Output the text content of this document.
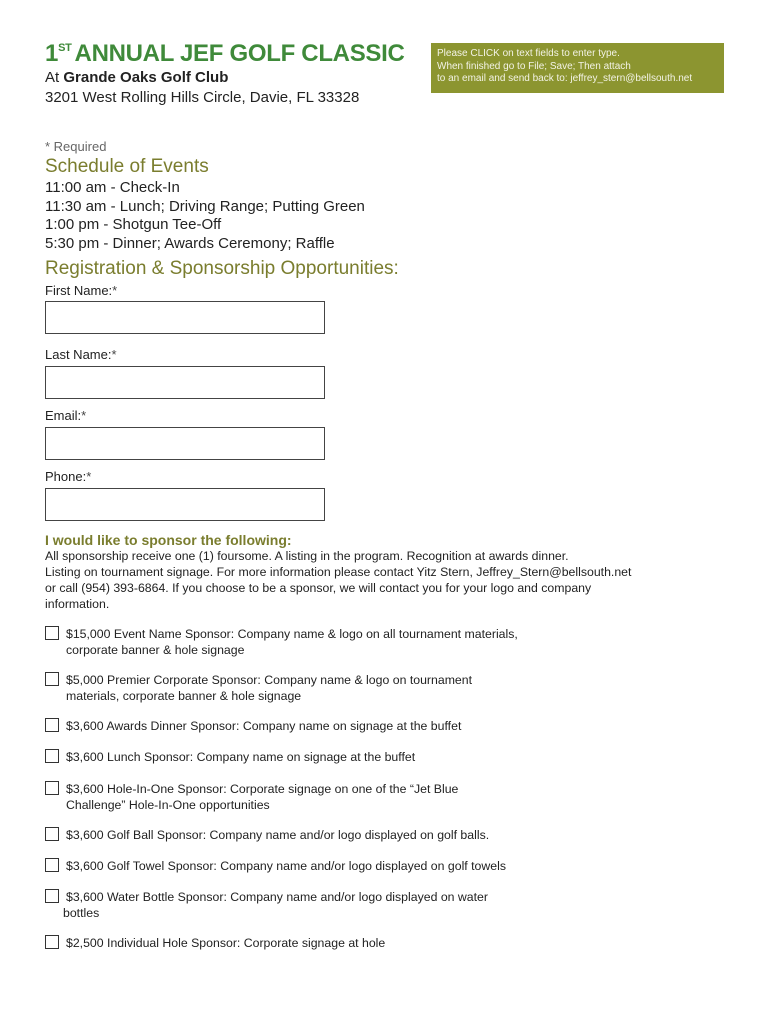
1ST ANNUAL JEF GOLF CLASSIC
At Grande Oaks Golf Club
3201 West Rolling Hills Circle, Davie, FL 33328
Please CLICK on text fields to enter type.
When finished go to File; Save; Then attach
to an email and send back to: jeffrey_stern@bellsouth.net
* Required
Schedule of Events
11:00 am - Check-In
11:30 am - Lunch; Driving Range; Putting Green
1:00 pm - Shotgun Tee-Off
5:30 pm - Dinner; Awards Ceremony; Raffle
Registration & Sponsorship Opportunities:
First Name:*
Last Name:*
Email:*
Phone:*
I would like to sponsor the following:
All sponsorship receive one (1) foursome. A listing in the program. Recognition at awards dinner.
Listing on tournament signage. For more information please contact Yitz Stern, Jeffrey_Stern@bellsouth.net
or call (954) 393-6864. If you choose to be a sponsor, we will contact you for your logo and company
information.
$15,000 Event Name Sponsor: Company name & logo on all tournament materials,
corporate banner & hole signage
$5,000 Premier Corporate Sponsor: Company name & logo on tournament
materials, corporate banner & hole signage
$3,600 Awards Dinner Sponsor: Company name on signage at the buffet
$3,600 Lunch Sponsor: Company name on signage at the buffet
$3,600 Hole-In-One Sponsor: Corporate signage on one of the “Jet Blue
Challenge” Hole-In-One opportunities
$3,600 Golf Ball Sponsor: Company name and/or logo displayed on golf balls.
$3,600 Golf Towel Sponsor: Company name and/or logo displayed on golf towels
$3,600 Water Bottle Sponsor: Company name and/or logo displayed on water
bottles
$2,500 Individual Hole Sponsor: Corporate signage at hole
